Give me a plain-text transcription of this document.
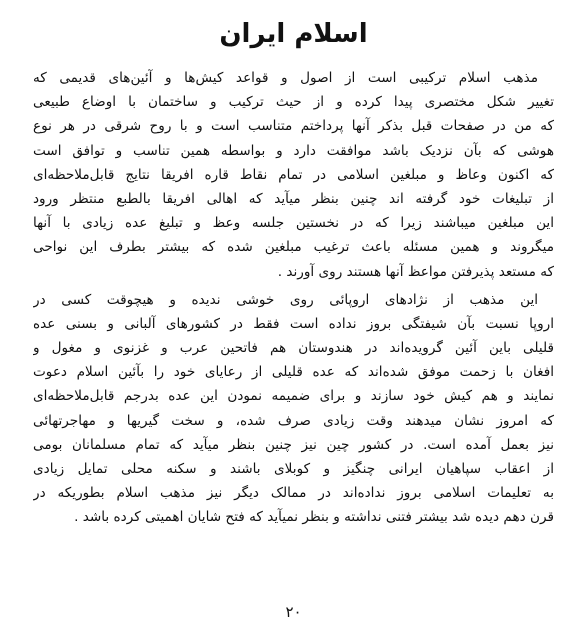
اسلام ایران
مذهب اسلام ترکیبی است از اصول و قواعد کیش‌ها و آئین‌های قدیمی که
تغییر شکل مختصری پیدا کرده و از حیث ترکیب و ساختمان با اوضاع طبیعی
که من در صفحات قبل بذکر آنها پرداختم متناسب است و با روح شرقی در هر نوع
هوشی که بآن نزدیک باشد موافقت دارد و بواسطه همین تناسب و توافق است
که اکنون وعاظ و مبلغین اسلامی در تمام نقاط قاره افریقا نتایج قابل‌ملاحظه‌ای
از تبلیغات خود گرفته اند چنین بنظر میآید که اهالی افریقا بالطبع منتظر ورود
این مبلغین میباشند زیرا که در نخستین جلسه وعظ و تبلیغ عده زیادی با آنها
میگروند و همین مسئله باعث ترغیب مبلغین شده که بیشتر بطرف این نواحی
که مستعد پذیرفتن مواعظ آنها هستند روی آورند .
این مذهب از نژادهای اروپائی روی خوشی ندیده و هیچوقت کسی در
اروپا نسبت بآن شیفتگی بروز نداده است فقط در کشورهای آلبانی و بسنی عده
قلیلی باین آئین گرویده‌اند در هندوستان هم فاتحین عرب و غزنوی و مغول و
افغان با زحمت موفق شده‌اند که عده قلیلی از رعایای خود را بآئین اسلام دعوت
نمایند و هم کیش خود سازند و برای ضمیمه نمودن این عده بدرجم قابل‌ملاحظه‌ای
که امروز نشان میدهند وقت زیادی صرف شده، و سخت گیریها و مهاجرتهائی
نیز بعمل آمده است. در کشور چین نیز چنین بنظر میآید که تمام مسلمانان بومی
از اعقاب سپاهیان ایرانی چنگیز و کوبلای باشند و سکنه محلی تمایل زیادی
به تعلیمات اسلامی بروز نداده‌اند در ممالک دیگر نیز مذهب اسلام بطوریکه در
قرن دهم دیده شد بیشتر فتنی نداشته و بنظر نمیآید که فتح شایان اهمیتی کرده باشد .
۲۰
